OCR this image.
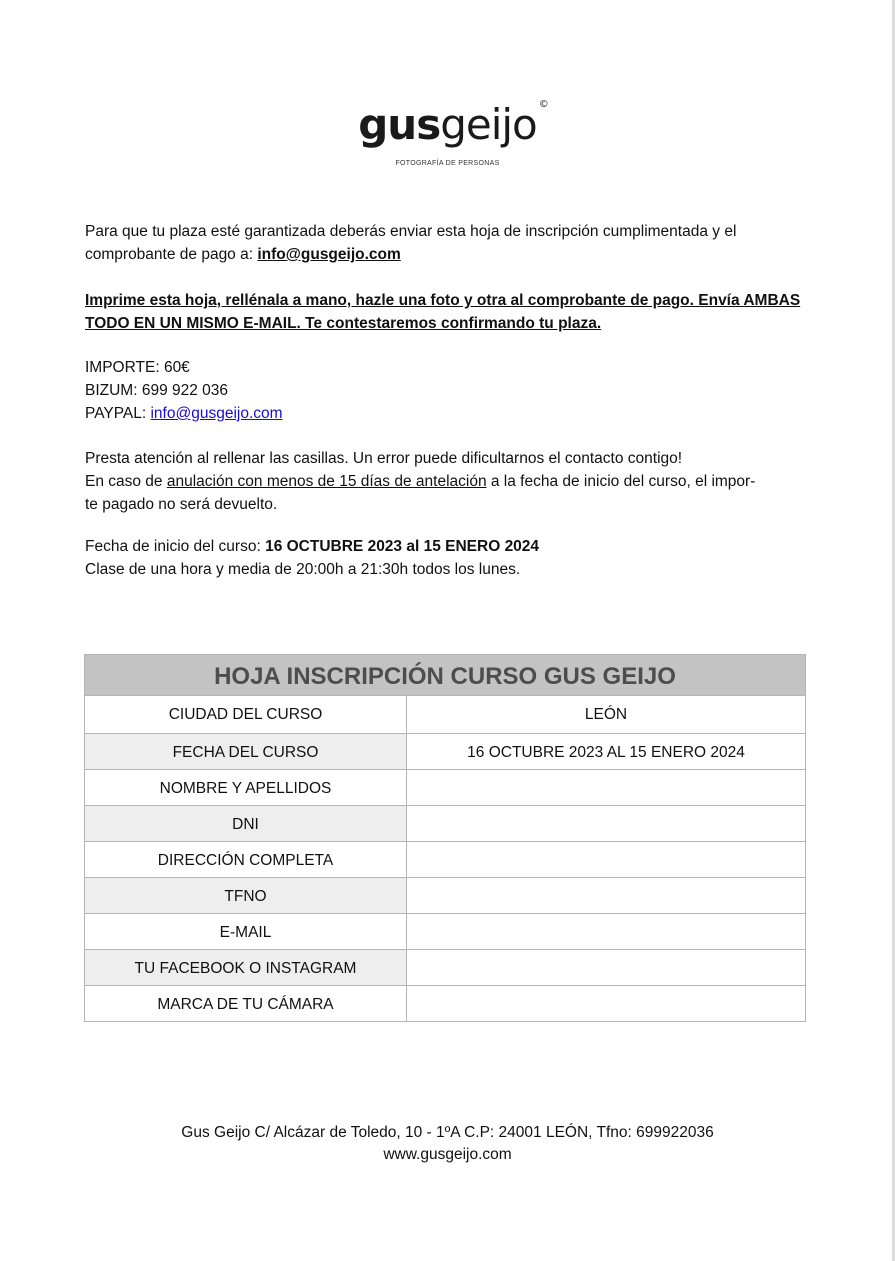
gusgeijo ©
FOTOGRAFÍA DE PERSONAS
Para que tu plaza esté garantizada deberás enviar esta hoja de inscripción cumplimentada y el comprobante de pago a: info@gusgeijo.com
Imprime esta hoja, rellénala a mano, hazle una foto y otra al comprobante de pago. Envía AMBAS TODO EN UN MISMO E-MAIL. Te contestaremos confirmando tu plaza.
IMPORTE: 60€
BIZUM: 699 922 036
PAYPAL: info@gusgeijo.com
Presta atención al rellenar las casillas. Un error puede dificultarnos el contacto contigo!
En caso de anulación con menos de 15 días de antelación a la fecha de inicio del curso, el impor-
te pagado no será devuelto.
Fecha de inicio del curso: 16 OCTUBRE 2023 al 15 ENERO 2024
Clase de una hora y media de 20:00h a 21:30h todos los lunes.
HOJA INSCRIPCIÓN CURSO GUS GEIJO
CIUDAD DEL CURSO	LEÓN
FECHA DEL CURSO	16 OCTUBRE 2023 AL 15 ENERO 2024
NOMBRE Y APELLIDOS
DNI
DIRECCIÓN COMPLETA
TFNO
E-MAIL
TU FACEBOOK O INSTAGRAM
MARCA DE TU CÁMARA
Gus Geijo C/ Alcázar de Toledo, 10 - 1ºA C.P: 24001 LEÓN, Tfno: 699922036
www.gusgeijo.com
